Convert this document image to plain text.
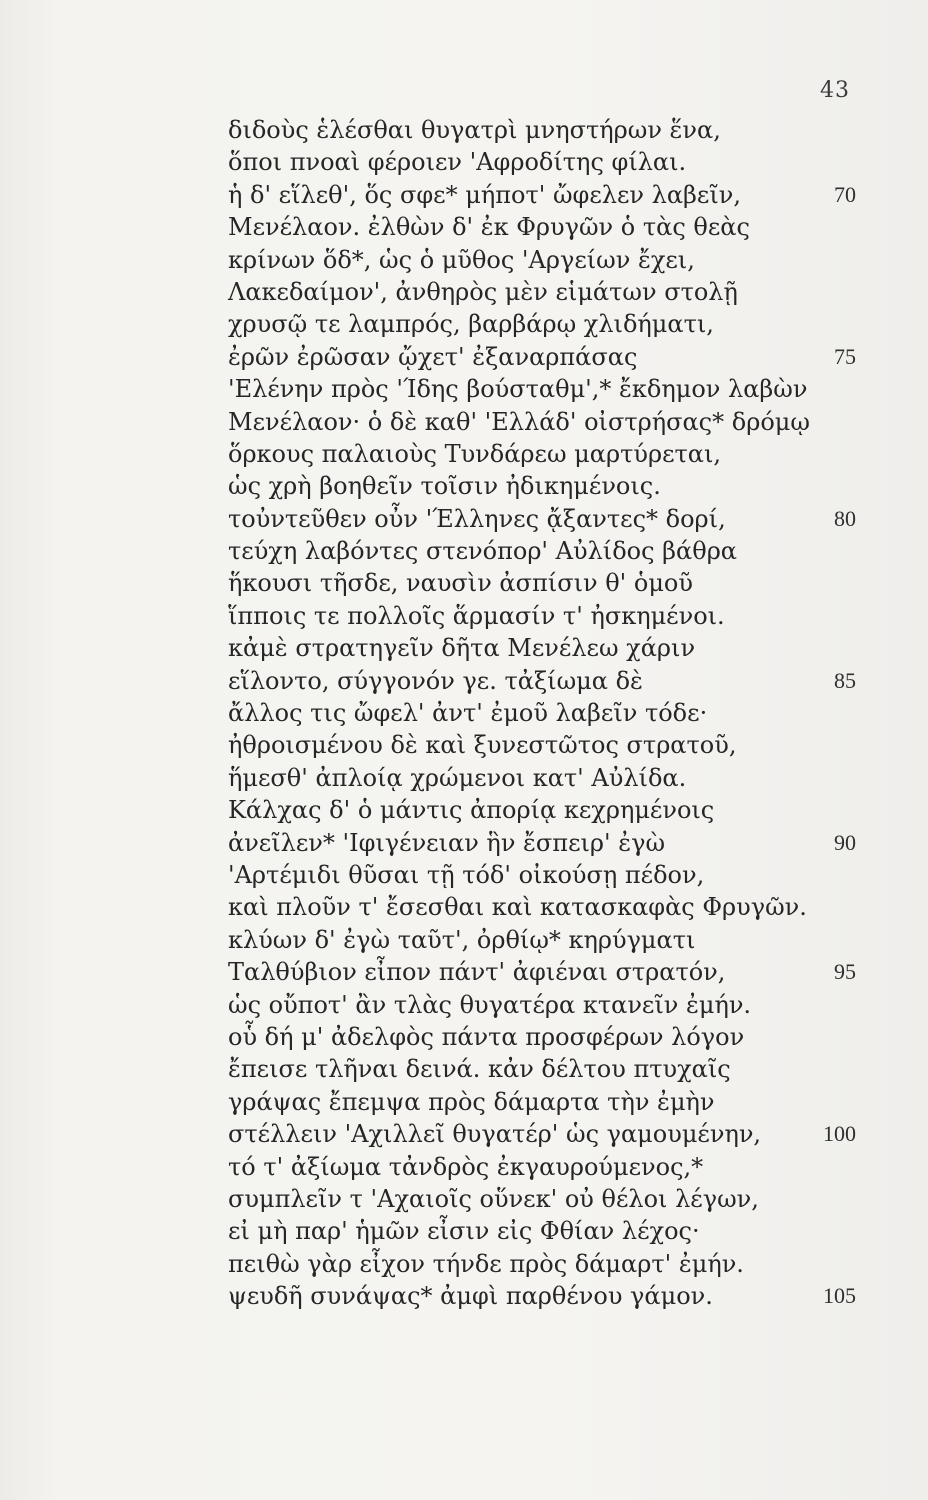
43
διδοὺς ἑλέσθαι θυγατρὶ μνηστήρων ἕνα,
ὅποι πνοαὶ φέροιεν 'Αφροδίτης φίλαι.
ἡ δ' εἵλεθ', ὅς σφε* μήποτ' ὤφελεν λαβεῖν,	70
Μενέλαον. ἐλθὼν δ' ἐκ Φρυγῶν ὁ τὰς θεὰς
κρίνων ὅδ*, ὡς ὁ μῦθος 'Αργείων ἔχει,
Λακεδαίμον', ἀνθηρὸς μὲν εἱμάτων στολῇ
χρυσῷ τε λαμπρός, βαρβάρῳ χλιδήματι,
ἐρῶν ἐρῶσαν ᾤχετ' ἐξαναρπάσας	75
'Ελένην πρὸς 'Ίδης βούσταθμ',* ἔκδημον λαβὼν
Μενέλαον· ὁ δὲ καθ' 'Ελλάδ' οἰστρήσας* δρόμῳ
ὅρκους παλαιοὺς Τυνδάρεω μαρτύρεται,
ὡς χρὴ βοηθεῖν τοῖσιν ἠδικημένοις.
τοὐντεῦθεν οὖν 'Έλληνες ᾄξαντες* δορί,	80
τεύχη λαβόντες στενόπορ' Αὐλίδος βάθρα
ἥκουσι τῆσδε, ναυσὶν ἀσπίσιν θ' ὁμοῦ
ἵπποις τε πολλοῖς ἅρμασίν τ' ἠσκημένοι.
κἀμὲ στρατηγεῖν δῆτα Μενέλεω χάριν
εἵλοντο, σύγγονόν γε. τἀξίωμα δὲ	85
ἄλλος τις ὤφελ' ἀντ' ἐμοῦ λαβεῖν τόδε·
ἠθροισμένου δὲ καὶ ξυνεστῶτος στρατοῦ,
ἥμεσθ' ἀπλοίᾳ χρώμενοι κατ' Αὐλίδα.
Κάλχας δ' ὁ μάντις ἀπορίᾳ κεχρημένοις
ἀνεῖλεν* 'Ιφιγένειαν ἣν ἔσπειρ' ἐγὼ	90
'Αρτέμιδι θῦσαι τῇ τόδ' οἰκούσῃ πέδον,
καὶ πλοῦν τ' ἔσεσθαι καὶ κατασκαφὰς Φρυγῶν.
κλύων δ' ἐγὼ ταῦτ', ὀρθίῳ* κηρύγματι
Ταλθύβιον εἶπον πάντ' ἀφιέναι στρατόν,	95
ὡς οὔποτ' ἂν τλὰς θυγατέρα κτανεῖν ἐμήν.
οὗ δή μ' ἀδελφὸς πάντα προσφέρων λόγον
ἔπεισε τλῆναι δεινά. κἀν δέλτου πτυχαῖς
γράψας ἔπεμψα πρὸς δάμαρτα τὴν ἐμὴν
στέλλειν 'Αχιλλεῖ θυγατέρ' ὡς γαμουμένην,	100
τό τ' ἀξίωμα τἀνδρὸς ἐκγαυρούμενος,*
συμπλεῖν τ 'Αχαιοῖς οὕνεκ' οὐ θέλοι λέγων,
εἰ μὴ παρ' ἡμῶν εἶσιν εἰς Φθίαν λέχος·
πειθὼ γὰρ εἶχον τήνδε πρὸς δάμαρτ' ἐμήν.
ψευδῆ συνάψας* ἀμφὶ παρθένου γάμον.	105
